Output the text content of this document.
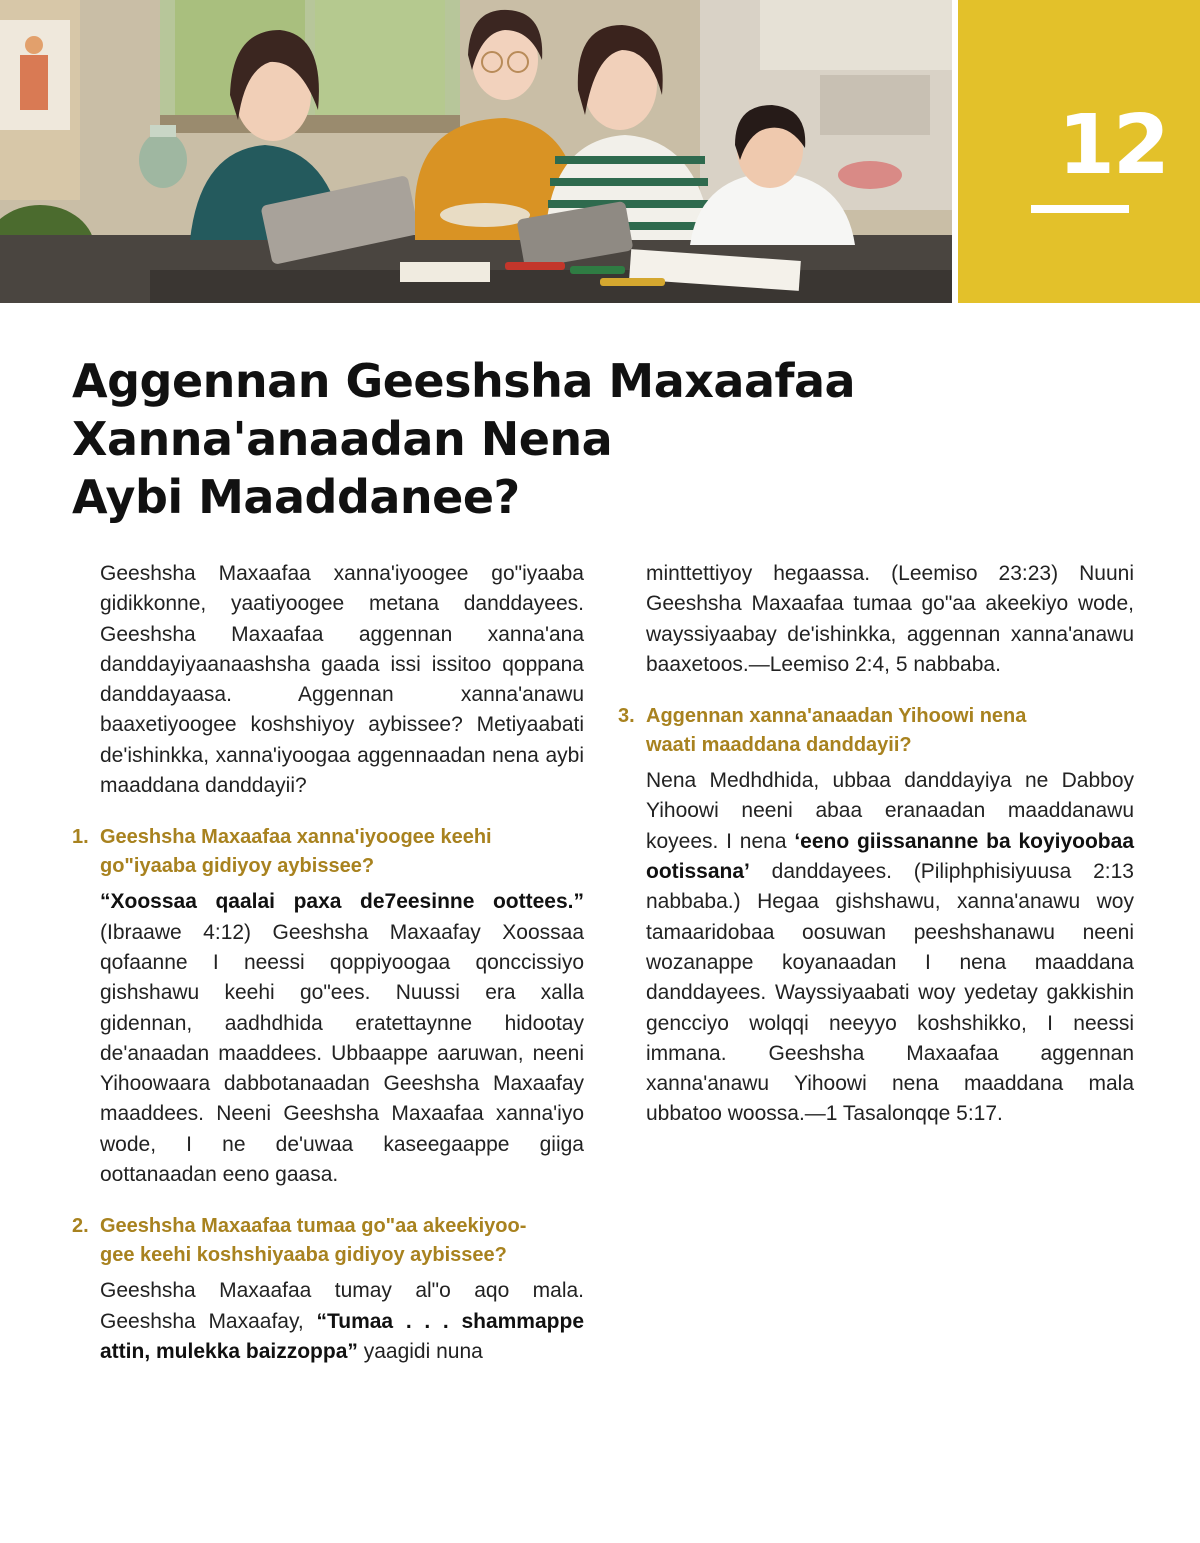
12
Aggennan Geeshsha Maxaafaa
Xanna'anaadan Nena
Aybi Maaddanee?

Geeshsha Maxaafaa xanna'iyoogee go"iyaaba gidikkonne, yaatiyoogee metana danddayees. Geeshsha Maxaafaa aggennan xanna'ana danddayiyaanaashsha gaada issi issitoo qoppana danddayaasa. Aggennan xanna'anawu baaxetiyoogee koshshiyoy aybissee? Metiyaabati de'ishinkka, xanna'iyoogaa aggennaadan nena aybi maaddana danddayii?

1. Geeshsha Maxaafaa xanna'iyoogee keehi
go"iyaaba gidiyoy aybissee?

“Xoossaa qaalai paxa de7eesinne oottees.” (Ibraawe 4:12) Geeshsha Maxaafay Xoossaa qofaanne I neessi qoppiyoogaa qonccissiyo gishshawu keehi go"ees. Nuussi era xalla gidennan, aadhdhida eratettaynne hidootay de'anaadan maaddees. Ubbaappe aaruwan, neeni Yihoowaara dabbotanaadan Geeshsha Maxaafay maaddees. Neeni Geeshsha Maxaafaa xanna'iyo wode, I ne de'uwaa kaseegaappe giiga oottanaadan eeno gaasa.

2. Geeshsha Maxaafaa tumaa go"aa akeekiyoo-
gee keehi koshshiyaaba gidiyoy aybissee?

Geeshsha Maxaafaa tumay al"o aqo mala. Geeshsha Maxaafay, “Tumaa . . . shammappe attin, mulekka baizzoppa” yaagidi nuna

minttettiyoy hegaassa. (Leemiso 23:23) Nuuni Geeshsha Maxaafaa tumaa go"aa akeekiyo wode, wayssiyaabay de'ishinkka, aggennan xanna'anawu baaxetoos.—Leemiso 2:4, 5 nabbaba.

3. Aggennan xanna'anaadan Yihoowi nena
waati maaddana danddayii?

Nena Medhdhida, ubbaa danddayiya ne Dabboy Yihoowi neeni abaa eranaadan maaddanawu koyees. I nena ‘eeno giissananne ba koyiyoobaa ootissana’ danddayees. (Piliphphisiyuusa 2:13 nabbaba.) Hegaa gishshawu, xanna'anawu woy tamaaridobaa oosuwan peeshshanawu neeni wozanappe koyanaadan I nena maaddana danddayees. Wayssiyaabati woy yedetay gakkishin gencciyo wolqqi neeyyo koshshikko, I neessi immana. Geeshsha Maxaafaa aggennan xanna'anawu Yihoowi nena maaddana mala ubbatoo woossa.—1 Tasalonqqe 5:17.
